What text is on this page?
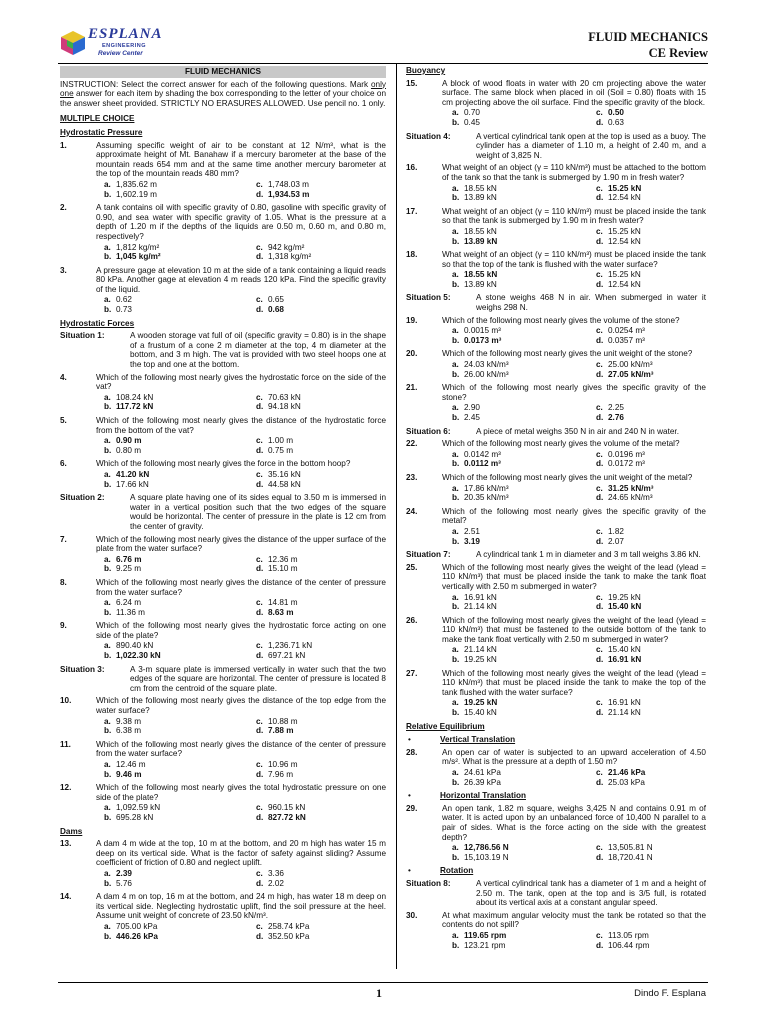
ESPLANA
ENGINEERING
Review Center
FLUID MECHANICS
CE Review
FLUID MECHANICS
INSTRUCTION: Select the correct answer for each of the following questions. Mark only one answer for each item by shading the box corresponding to the letter of your choice on the answer sheet provided. STRICTLY NO ERASURES ALLOWED. Use pencil no. 1 only.
MULTIPLE CHOICE
Hydrostatic Pressure
1.	Assuming specific weight of air to be constant at 12 N/m³, what is the approximate height of Mt. Banahaw if a mercury barometer at the base of the mountain reads 654 mm and at the same time another mercury barometer at the top of the mountain reads 480 mm?
a. 1,835.62 m	c. 1,748.03 m
b. 1,602.19 m	d. 1,934.53 m
2.	A tank contains oil with specific gravity of 0.80, gasoline with specific gravity of 0.90, and sea water with specific gravity of 1.05. What is the pressure at a depth of 1.20 m if the depths of the liquids are 0.50 m, 0.60 m, and 0.80 m, respectively?
a. 1,812 kg/m²	c. 942 kg/m²
b. 1,045 kg/m²	d. 1,318 kg/m²
3.	A pressure gage at elevation 10 m at the side of a tank containing a liquid reads 80 kPa. Another gage at elevation 4 m reads 120 kPa. Find the specific gravity of the liquid.
a. 0.62	c. 0.65
b. 0.73	d. 0.68
Hydrostatic Forces
Situation 1:	A wooden storage vat full of oil (specific gravity = 0.80) is in the shape of a frustum of a cone 2 m diameter at the top, 4 m diameter at the bottom, and 3 m high. The vat is provided with two steel hoops one at the top and one at the bottom.
4.	Which of the following most nearly gives the hydrostatic force on the side of the vat?
a. 108.24 kN	c. 70.63 kN
b. 117.72 kN	d. 94.18 kN
5.	Which of the following most nearly gives the distance of the hydrostatic force from the bottom of the vat?
a. 0.90 m	c. 1.00 m
b. 0.80 m	d. 0.75 m
6.	Which of the following most nearly gives the force in the bottom hoop?
a. 41.20 kN	c. 35.16 kN
b. 17.66 kN	d. 44.58 kN
Situation 2:	A square plate having one of its sides equal to 3.50 m is immersed in water in a vertical position such that the two edges of the square would be horizontal. The center of pressure in the plate is 12 cm from the center of gravity.
7.	Which of the following most nearly gives the distance of the upper surface of the plate from the water surface?
a. 6.76 m	c. 12.36 m
b. 9.25 m	d. 15.10 m
8.	Which of the following most nearly gives the distance of the center of pressure from the water surface?
a. 6.24 m	c. 14.81 m
b. 11.36 m	d. 8.63 m
9.	Which of the following most nearly gives the hydrostatic force acting on one side of the plate?
a. 890.40 kN	c. 1,236.71 kN
b. 1,022.30 kN	d. 697.21 kN
Situation 3:	A 3-m square plate is immersed vertically in water such that the two edges of the square are horizontal. The center of pressure is located 8 cm from the centroid of the square plate.
10.	Which of the following most nearly gives the distance of the top edge from the water surface?
a. 9.38 m	c. 10.88 m
b. 6.38 m	d. 7.88 m
11.	Which of the following most nearly gives the distance of the center of pressure from the water surface?
a. 12.46 m	c. 10.96 m
b. 9.46 m	d. 7.96 m
12.	Which of the following most nearly gives the total hydrostatic pressure on one side of the plate?
a. 1,092.59 kN	c. 960.15 kN
b. 695.28 kN	d. 827.72 kN
Dams
13.	A dam 4 m wide at the top, 10 m at the bottom, and 20 m high has water 15 m deep on its vertical side. What is the factor of safety against sliding? Assume coefficient of friction of 0.80 and neglect uplift.
a. 2.39	c. 3.36
b. 5.76	d. 2.02
14.	A dam 4 m on top, 16 m at the bottom, and 24 m high, has water 18 m deep on its vertical side. Neglecting hydrostatic uplift, find the soil pressure at the heel. Assume unit weight of concrete of 23.50 kN/m³.
a. 705.00 kPa	c. 258.74 kPa
b. 446.26 kPa	d. 352.50 kPa
Buoyancy
15.	A block of wood floats in water with 20 cm projecting above the water surface. The same block when placed in oil (Soil = 0.80) floats with 15 cm projecting above the oil surface. Find the specific gravity of the block.
a. 0.70	c. 0.50
b. 0.45	d. 0.63
Situation 4:	A vertical cylindrical tank open at the top is used as a buoy. The cylinder has a diameter of 1.10 m, a height of 2.40 m, and a weight of 3,825 N.
16.	What weight of an object (γ = 110 kN/m³) must be attached to the bottom of the tank so that the tank is submerged by 1.90 m in fresh water?
a. 18.55 kN	c. 15.25 kN
b. 13.89 kN	d. 12.54 kN
17.	What weight of an object (γ = 110 kN/m³) must be placed inside the tank so that the tank is submerged by 1.90 m in fresh water?
a. 18.55 kN	c. 15.25 kN
b. 13.89 kN	d. 12.54 kN
18.	What weight of an object (γ = 110 kN/m³) must be placed inside the tank so that the top of the tank is flushed with the water surface?
a. 18.55 kN	c. 15.25 kN
b. 13.89 kN	d. 12.54 kN
Situation 5:	A stone weighs 468 N in air. When submerged in water it weighs 298 N.
19.	Which of the following most nearly gives the volume of the stone?
a. 0.0015 m³	c. 0.0254 m³
b. 0.0173 m³	d. 0.0357 m³
20.	Which of the following most nearly gives the unit weight of the stone?
a. 24.03 kN/m³	c. 25.00 kN/m³
b. 26.00 kN/m³	d. 27.05 kN/m³
21.	Which of the following most nearly gives the specific gravity of the stone?
a. 2.90	c. 2.25
b. 2.45	d. 2.76
Situation 6:	A piece of metal weighs 350 N in air and 240 N in water.
22.	Which of the following most nearly gives the volume of the metal?
a. 0.0142 m³	c. 0.0196 m³
b. 0.0112 m³	d. 0.0172 m³
23.	Which of the following most nearly gives the unit weight of the metal?
a. 17.86 kN/m³	c. 31.25 kN/m³
b. 20.35 kN/m³	d. 24.65 kN/m³
24.	Which of the following most nearly gives the specific gravity of the metal?
a. 2.51	c. 1.82
b. 3.19	d. 2.07
Situation 7:	A cylindrical tank 1 m in diameter and 3 m tall weighs 3.86 kN.
25.	Which of the following most nearly gives the weight of the lead (γlead = 110 kN/m³) that must be placed inside the tank to make the tank float vertically with 2.50 m submerged in water?
a. 16.91 kN	c. 19.25 kN
b. 21.14 kN	d. 15.40 kN
26.	Which of the following most nearly gives the weight of the lead (γlead = 110 kN/m³) that must be fastened to the outside bottom of the tank to make the tank float vertically with 2.50 m submerged in water?
a. 21.14 kN	c. 15.40 kN
b. 19.25 kN	d. 16.91 kN
27.	Which of the following most nearly gives the weight of the lead (γlead = 110 kN/m³) that must be placed inside the tank to make the top of the tank flushed with the water surface?
a. 19.25 kN	c. 16.91 kN
b. 15.40 kN	d. 21.14 kN
Relative Equilibrium
•	Vertical Translation
28.	An open car of water is subjected to an upward acceleration of 4.50 m/s². What is the pressure at a depth of 1.50 m?
a. 24.61 kPa	c. 21.46 kPa
b. 26.39 kPa	d. 25.03 kPa
•	Horizontal Translation
29.	An open tank, 1.82 m square, weighs 3,425 N and contains 0.91 m of water. It is acted upon by an unbalanced force of 10,400 N parallel to a pair of sides. What is the force acting on the side with the greatest depth?
a. 12,786.56 N	c. 13,505.81 N
b. 15,103.19 N	d. 18,720.41 N
•	Rotation
Situation 8:	A vertical cylindrical tank has a diameter of 1 m and a height of 2.50 m. The tank, open at the top and is 3/5 full, is rotated about its vertical axis at a constant angular speed.
30.	At what maximum angular velocity must the tank be rotated so that the contents do not spill?
a. 119.65 rpm	c. 113.05 rpm
b. 123.21 rpm	d. 106.44 rpm
1	Dindo F. Esplana
